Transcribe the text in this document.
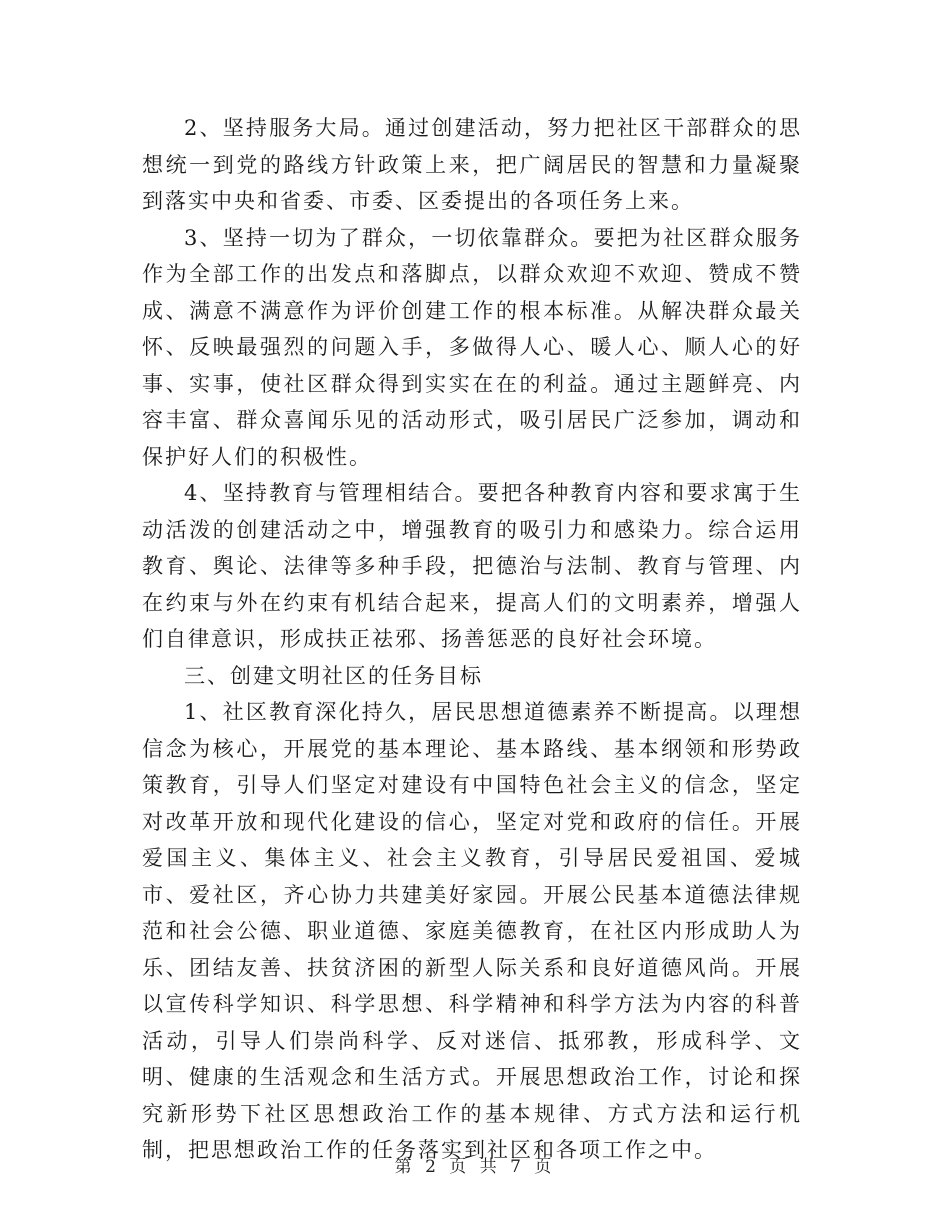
2、坚持服务大局。通过创建活动，努力把社区干部群众的思想统一到党的路线方针政策上来，把广阔居民的智慧和力量凝聚到落实中央和省委、市委、区委提出的各项任务上来。

3、坚持一切为了群众，一切依靠群众。要把为社区群众服务作为全部工作的出发点和落脚点，以群众欢迎不欢迎、赞成不赞成、满意不满意作为评价创建工作的根本标准。从解决群众最关怀、反映最强烈的问题入手，多做得人心、暖人心、顺人心的好事、实事，使社区群众得到实实在在的利益。通过主题鲜亮、内容丰富、群众喜闻乐见的活动形式，吸引居民广泛参加，调动和保护好人们的积极性。

4、坚持教育与管理相结合。要把各种教育内容和要求寓于生动活泼的创建活动之中，增强教育的吸引力和感染力。综合运用教育、舆论、法律等多种手段，把德治与法制、教育与管理、内在约束与外在约束有机结合起来，提高人们的文明素养，增强人们自律意识，形成扶正祛邪、扬善惩恶的良好社会环境。

三、创建文明社区的任务目标

1、社区教育深化持久，居民思想道德素养不断提高。以理想信念为核心，开展党的基本理论、基本路线、基本纲领和形势政策教育，引导人们坚定对建设有中国特色社会主义的信念，坚定对改革开放和现代化建设的信心，坚定对党和政府的信任。开展爱国主义、集体主义、社会主义教育，引导居民爱祖国、爱城市、爱社区，齐心协力共建美好家园。开展公民基本道德法律规范和社会公德、职业道德、家庭美德教育，在社区内形成助人为乐、团结友善、扶贫济困的新型人际关系和良好道德风尚。开展以宣传科学知识、科学思想、科学精神和科学方法为内容的科普活动，引导人们崇尚科学、反对迷信、抵邪教，形成科学、文明、健康的生活观念和生活方式。开展思想政治工作，讨论和探究新形势下社区思想政治工作的基本规律、方式方法和运行机制，把思想政治工作的任务落实到社区和各项工作之中。

第 2 页 共 7 页
